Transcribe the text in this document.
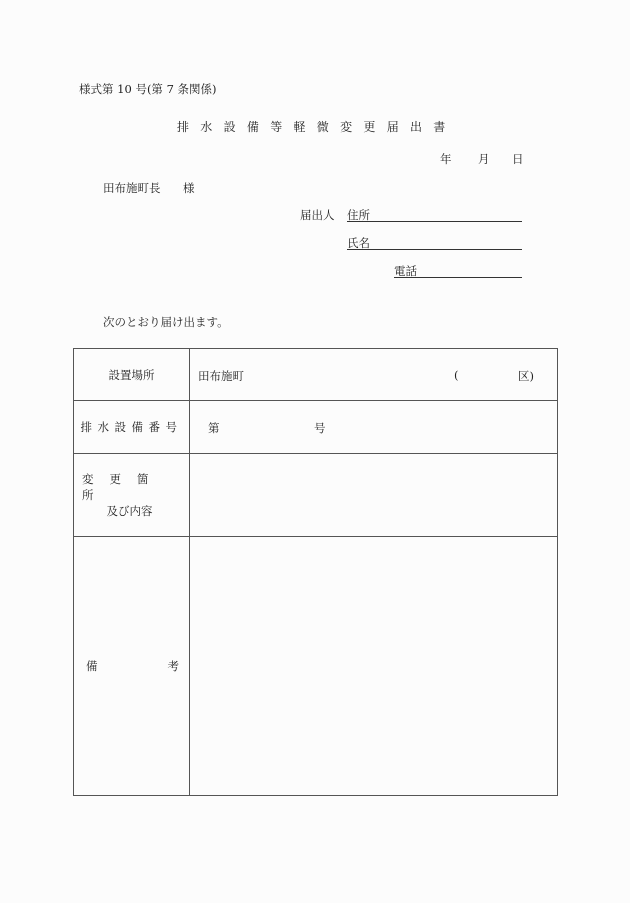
様式第 10 号(第 7 条関係)
排水設備等軽微変更届出書
年 月 日
田布施町長 様
届出人 住所
氏名
電話
次のとおり届け出ます。
設置場所	田布施町 ( 区)

排水設備番号	第 号

変更箇所
及び内容	

備 考	
